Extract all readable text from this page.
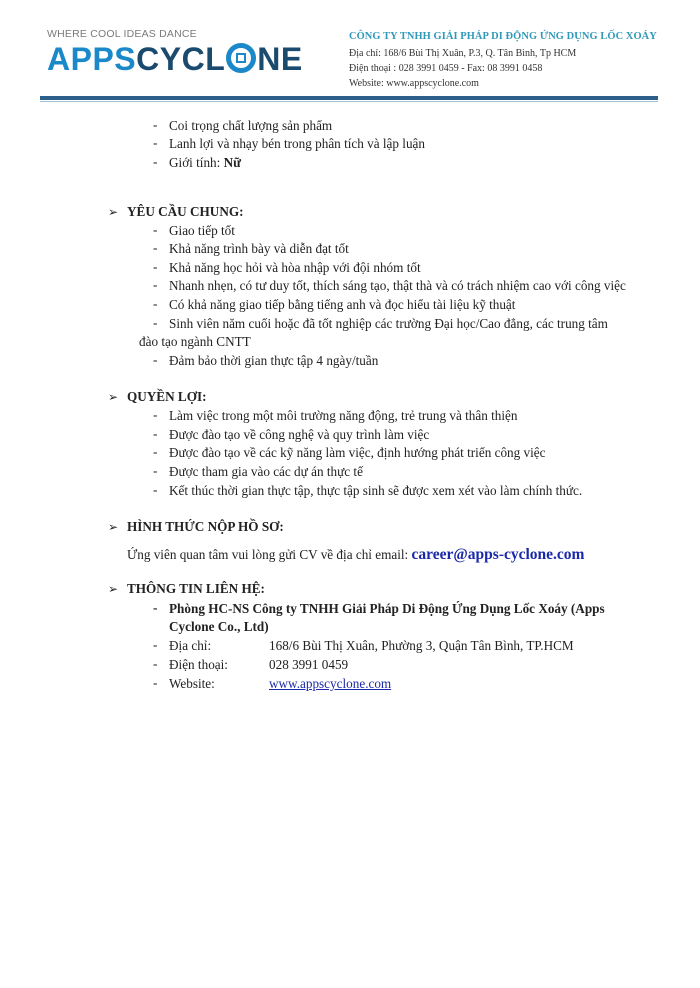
WHERE COOL IDEAS DANCE
APPSCYCL NE
CÔNG TY TNHH GIẢI PHÁP DI ĐỘNG ỨNG DỤNG LỐC XOÁY
Địa chỉ: 168/6 Bùi Thị Xuân, P.3, Q. Tân Bình, Tp HCM
Điện thoại : 028 3991 0459 - Fax: 08 3991 0458
Website: www.appscyclone.com
- Coi trọng chất lượng sản phẩm
- Lanh lợi và nhạy bén trong phân tích và lập luận
- Giới tính: Nữ
➢ YÊU CẦU CHUNG:
- Giao tiếp tốt
- Khả năng trình bày và diễn đạt tốt
- Khả năng học hỏi và hòa nhập với đội nhóm tốt
- Nhanh nhẹn, có tư duy tốt, thích sáng tạo, thật thà và có trách nhiệm cao với công việc
- Có khả năng giao tiếp bằng tiếng anh và đọc hiểu tài liệu kỹ thuật
- Sinh viên năm cuối hoặc đã tốt nghiệp các trường Đại học/Cao đẳng, các trung tâm
đào tạo ngành CNTT
- Đảm bảo thời gian thực tập 4 ngày/tuần
➢ QUYỀN LỢI:
- Làm việc trong một môi trường năng động, trẻ trung và thân thiện
- Được đào tạo về công nghệ và quy trình làm việc
- Được đào tạo về các kỹ năng làm việc, định hướng phát triển công việc
- Được tham gia vào các dự án thực tế
- Kết thúc thời gian thực tập, thực tập sinh sẽ được xem xét vào làm chính thức.
➢ HÌNH THỨC NỘP HỒ SƠ:
Ứng viên quan tâm vui lòng gửi CV về địa chỉ email: career@apps-cyclone.com
➢ THÔNG TIN LIÊN HỆ:
- Phòng HC-NS Công ty TNHH Giải Pháp Di Động Ứng Dụng Lốc Xoáy (Apps
Cyclone Co., Ltd)
- Địa chỉ:	168/6 Bùi Thị Xuân, Phường 3, Quận Tân Bình, TP.HCM
- Điện thoại:	028 3991 0459
- Website:	www.appscyclone.com
